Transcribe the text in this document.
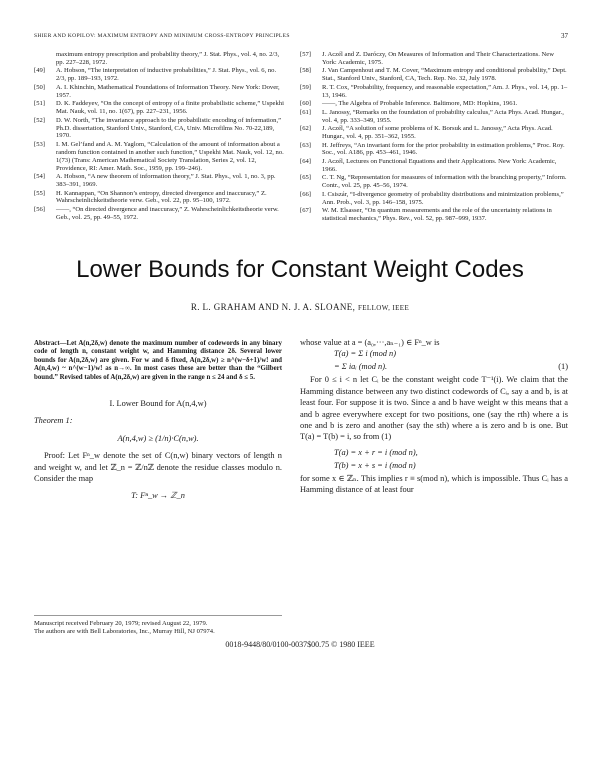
SHIER AND KOPILOV: MAXIMUM ENTROPY AND MINIMUM CROSS-ENTROPY PRINCIPLES	37
maximum entropy prescription and probability theory,” J. Stat. Phys., vol. 4, no. 2/3, pp. 227–228, 1972.
[49] A. Hobson, “The interpretation of inductive probabilities,” J. Stat. Phys., vol. 6, no. 2/3, pp. 189–193, 1972.
[50] A. I. Khinchin, Mathematical Foundations of Information Theory. New York: Dover, 1957.
[51] D. K. Faddeyev, “On the concept of entropy of a finite probabilistic scheme,” Uspekhi Mat. Nauk, vol. 11, no. 1(67), pp. 227–231, 1956.
[52] D. W. North, “The invariance approach to the probabilistic encoding of information,” Ph.D. dissertation, Stanford Univ., Stanford, CA, Univ. Microfilms No. 70-22,189, 1970.
[53] I. M. Gel’fand and A. M. Yaglom, “Calculation of the amount of information about a random function contained in another such function,” Uspekhi Mat. Nauk, vol. 12, no. 1(73) (Trans: American Mathematical Society Translation, Series 2, vol. 12, Providence, RI: Amer. Math. Soc., 1959, pp. 199–246).
[54] A. Hobson, “A new theorem of information theory,” J. Stat. Phys., vol. 1, no. 3, pp. 383–391, 1969.
[55] H. Kannappan, “On Shannon’s entropy, directed divergence and inaccuracy,” Z. Wahrscheinlichkeitstheorie verw. Geb., vol. 22, pp. 95–100, 1972.
[56] ——, “On directed divergence and inaccuracy,” Z. Wahrscheinlichkeitstheorie verw. Geb., vol. 25, pp. 49–55, 1972.
[57] J. Aczél and Z. Daróczy, On Measures of Information and Their Characterizations. New York: Academic, 1975.
[58] J. Van Campenhout and T. M. Cover, “Maximum entropy and conditional probability,” Dept. Stat., Stanford Univ., Stanford, CA, Tech. Rep. No. 32, July 1978.
[59] R. T. Cox, “Probability, frequency, and reasonable expectation,” Am. J. Phys., vol. 14, pp. 1–13, 1946.
[60] ——, The Algebra of Probable Inference. Baltimore, MD: Hopkins, 1961.
[61] L. Janossy, “Remarks on the foundation of probability calculus,” Acta Phys. Acad. Hungar., vol. 4, pp. 333–349, 1955.
[62] J. Aczél, “A solution of some problems of K. Borsuk and L. Janossy,” Acta Phys. Acad. Hungar., vol. 4, pp. 351–362, 1955.
[63] H. Jeffreys, “An invariant form for the prior probability in estimation problems,” Proc. Roy. Soc., vol. A186, pp. 453–461, 1946.
[64] J. Aczél, Lectures on Functional Equations and their Applications. New York: Academic, 1966.
[65] C. T. Ng, “Representation for measures of information with the branching property,” Inform. Contr., vol. 25, pp. 45–56, 1974.
[66] I. Csiszár, “I-divergence geometry of probability distributions and minimization problems,” Ann. Prob., vol. 3, pp. 146–158, 1975.
[67] W. M. Elsasser, “On quantum measurements and the role of the uncertainty relations in statistical mechanics,” Phys. Rev., vol. 52, pp. 987–999, 1937.
Lower Bounds for Constant Weight Codes
R. L. GRAHAM AND N. J. A. SLOANE, FELLOW, IEEE
Abstract—Let A(n,2δ,w) denote the maximum number of codewords in any binary code of length n, constant weight w, and Hamming distance 2δ. Several lower bounds for A(n,2δ,w) are given. For w and δ fixed, A(n,2δ,w) ≥ n^(w−δ+1)/w! and A(n,4,w) ~ n^(w−1)/w! as n→∞. In most cases these are better than the “Gilbert bound.” Revised tables of A(n,2δ,w) are given in the range n ≤ 24 and δ ≤ 5.
I. Lower Bound for A(n,4,w)
Theorem 1:
A(n,4,w) ≥ (1/n)·C(n,w).
Proof: Let Fⁿ_w denote the set of C(n,w) binary vectors of length n and weight w, and let ℤ_n = ℤ/nℤ denote the residue classes modulo n. Consider the map
T: Fⁿ_w → ℤ_n
Manuscript received February 20, 1979; revised August 22, 1979.
The authors are with Bell Laboratories, Inc., Murray Hill, NJ 07974.
whose value at a = (a₀,···,aₙ₋₁) ∈ Fⁿ_w is
T(a) = Σ i (mod n)
= Σ iaᵢ (mod n).	(1)
For 0 ≤ i < n let Cᵢ be the constant weight code T⁻¹(i). We claim that the Hamming distance between any two distinct codewords of Cᵢ, say a and b, is at least four. For suppose it is two. Since a and b have weight w this means that a and b agree everywhere except for two positions, one (say the rth) where a is one and b is zero and another (say the sth) where a is zero and b is one. But T(a) = T(b) = i, so from (1)
T(a) = x + r = i (mod n),
T(b) = x + s = i (mod n)
for some x ∈ ℤₙ. This implies r ≡ s(mod n), which is impossible. Thus Cᵢ has a Hamming distance of at least four
0018-9448/80/0100-0037$00.75 © 1980 IEEE
